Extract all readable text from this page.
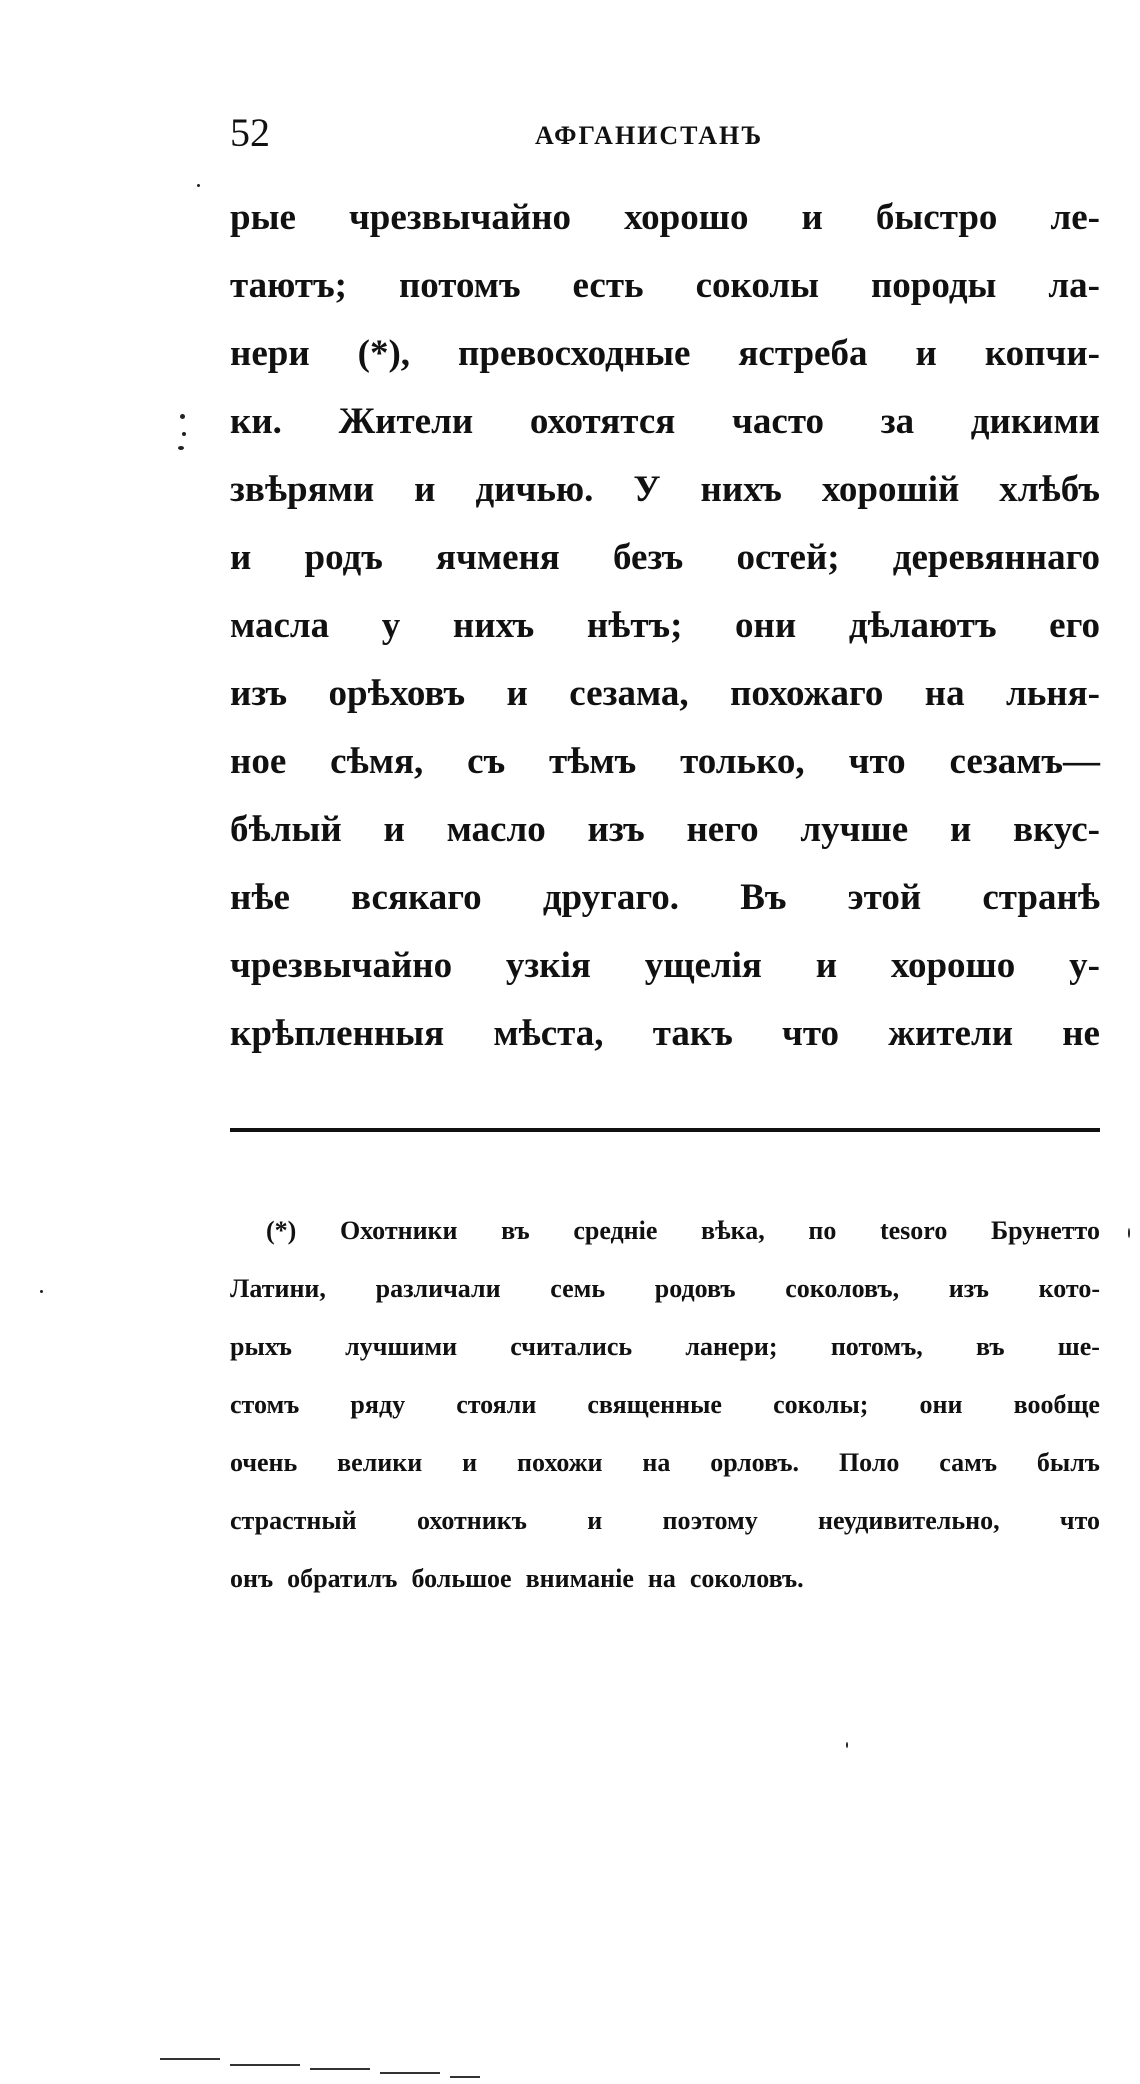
52	АФГАНИСТАНЪ
рые чрезвычайно хорошо и быстро ле-
таютъ; потомъ есть соколы породы ла-
нери (*), превосходные ястреба и копчи-
ки. Жители охотятся часто за дикими
звѣрями и дичью. У нихъ хорошій хлѣбъ
и родъ ячменя безъ остей; деревяннаго
масла у нихъ нѣтъ; они дѣлаютъ его
изъ орѣховъ и сезама, похожаго на льня-
ное сѣмя, съ тѣмъ только, что сезамъ—
бѣлый и масло изъ него лучше и вкус-
нѣе всякаго другаго. Въ этой странѣ
чрезвычайно узкія ущелія и хорошо у-
крѣпленныя мѣста, такъ что жители не
(*) Охотники въ средніе вѣка, по tesoro Брунетто
Латини, различали семь родовъ соколовъ, изъ кото-
рыхъ лучшими считались ланери; потомъ, въ ше-
стомъ ряду стояли священные соколы; они вообще
очень велики и похожи на орловъ. Поло самъ былъ
страстный охотникъ и поэтому неудивительно, что
онъ обратилъ большое вниманіе на соколовъ.
